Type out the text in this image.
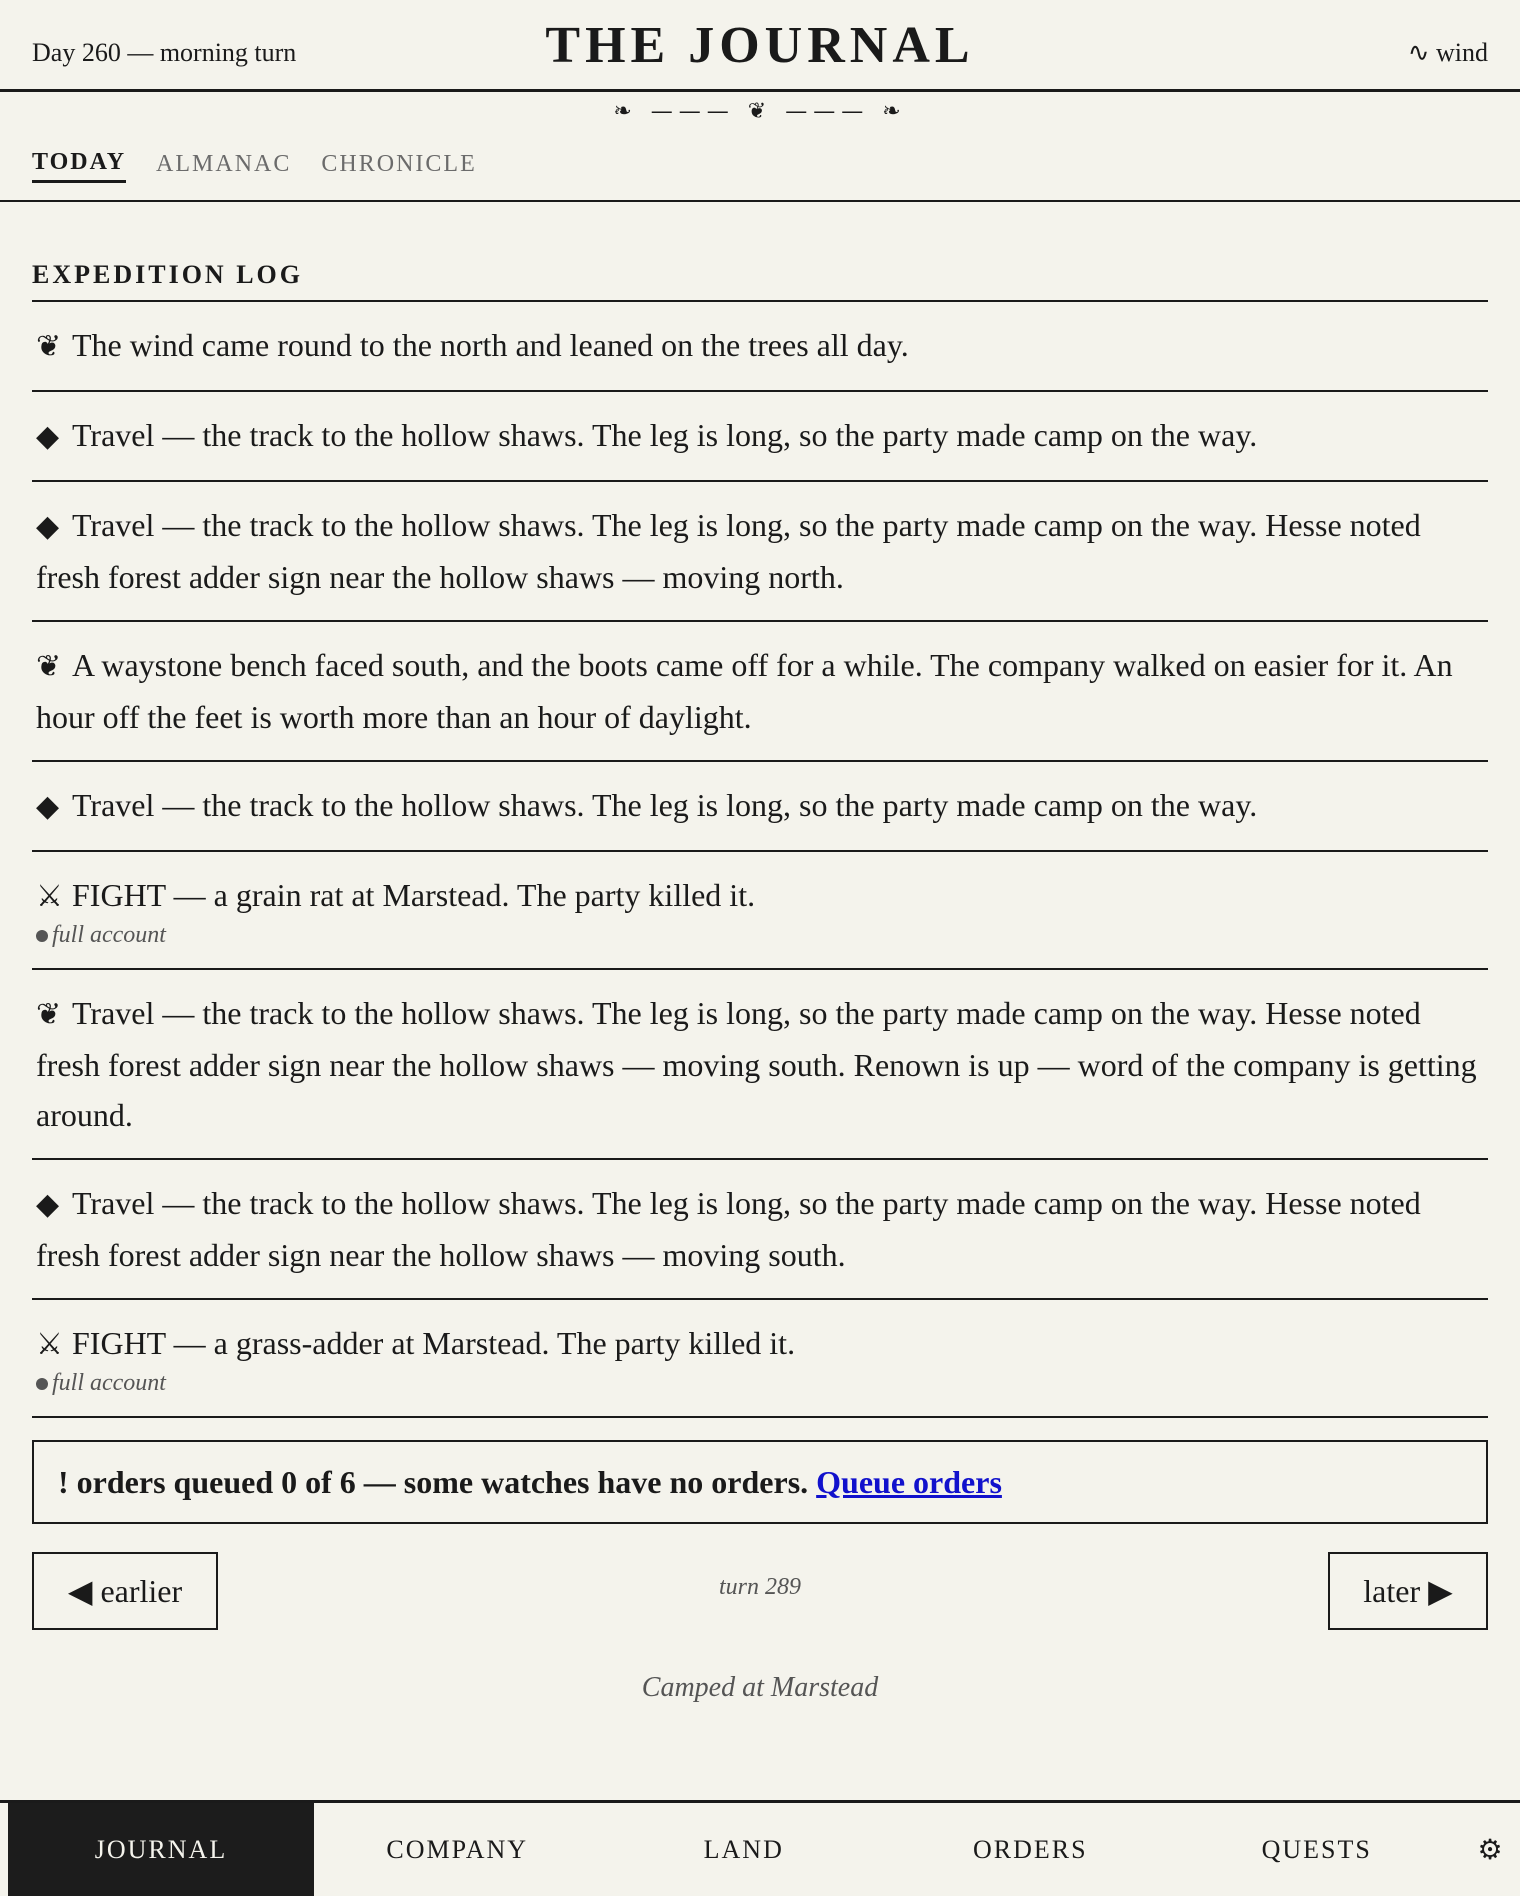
Day 260 — morning turn	THE JOURNAL	∿ wind
❧ ——— ❦ ——— ❧
TODAY ALMANAC CHRONICLE
EXPEDITION LOG
❦ The wind came round to the north and leaned on the trees all day.
◆ Travel — the track to the hollow shaws. The leg is long, so the party made camp on the way.
◆ Travel — the track to the hollow shaws. The leg is long, so the party made camp on the way. Hesse noted fresh forest adder sign near the hollow shaws — moving north.
❦ A waystone bench faced south, and the boots came off for a while. The company walked on easier for it. An hour off the feet is worth more than an hour of daylight.
◆ Travel — the track to the hollow shaws. The leg is long, so the party made camp on the way.
⚔ FIGHT — a grain rat at Marstead. The party killed it.
full account
❦ Travel — the track to the hollow shaws. The leg is long, so the party made camp on the way. Hesse noted fresh forest adder sign near the hollow shaws — moving south. Renown is up — word of the company is getting around.
◆ Travel — the track to the hollow shaws. The leg is long, so the party made camp on the way. Hesse noted fresh forest adder sign near the hollow shaws — moving south.
⚔ FIGHT — a grass-adder at Marstead. The party killed it.
full account
! orders queued 0 of 6 — some watches have no orders. Queue orders
◀ earlier	turn 289	later ▶
Camped at Marstead
JOURNAL	COMPANY	LAND	ORDERS	QUESTS	⚙
